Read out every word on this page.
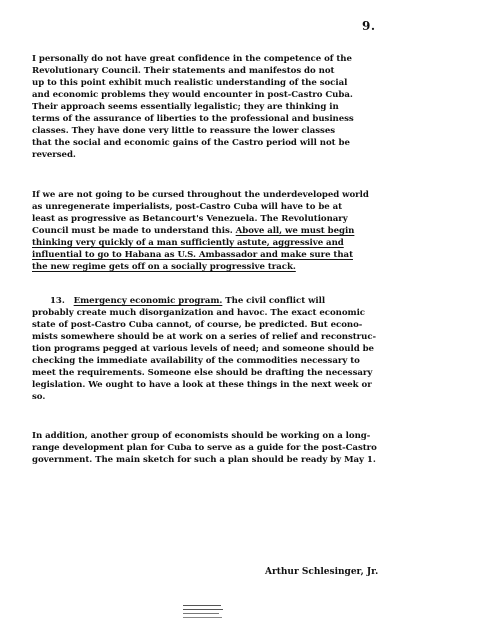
9.
I personally do not have great confidence in the competence of the
Revolutionary Council. Their statements and manifestos do not
up to this point exhibit much realistic understanding of the social
and economic problems they would encounter in post-Castro Cuba.
Their approach seems essentially legalistic; they are thinking in
terms of the assurance of liberties to the professional and business
classes. They have done very little to reassure the lower classes
that the social and economic gains of the Castro period will not be
reversed.
If we are not going to be cursed throughout the underdeveloped world
as unregenerate imperialists, post-Castro Cuba will have to be at
least as progressive as Betancourt's Venezuela. The Revolutionary
Council must be made to understand this. Above all, we must begin
thinking very quickly of a man sufficiently astute, aggressive and
influential to go to Habana as U.S. Ambassador and make sure that
the new regime gets off on a socially progressive track.
13. Emergency economic program. The civil conflict will
probably create much disorganization and havoc. The exact economic
state of post-Castro Cuba cannot, of course, be predicted. But econo-
mists somewhere should be at work on a series of relief and reconstruc-
tion programs pegged at various levels of need; and someone should be
checking the immediate availability of the commodities necessary to
meet the requirements. Someone else should be drafting the necessary
legislation. We ought to have a look at these things in the next week or
so.
In addition, another group of economists should be working on a long-
range development plan for Cuba to serve as a guide for the post-Castro
government. The main sketch for such a plan should be ready by May 1.
Arthur Schlesinger, Jr.
